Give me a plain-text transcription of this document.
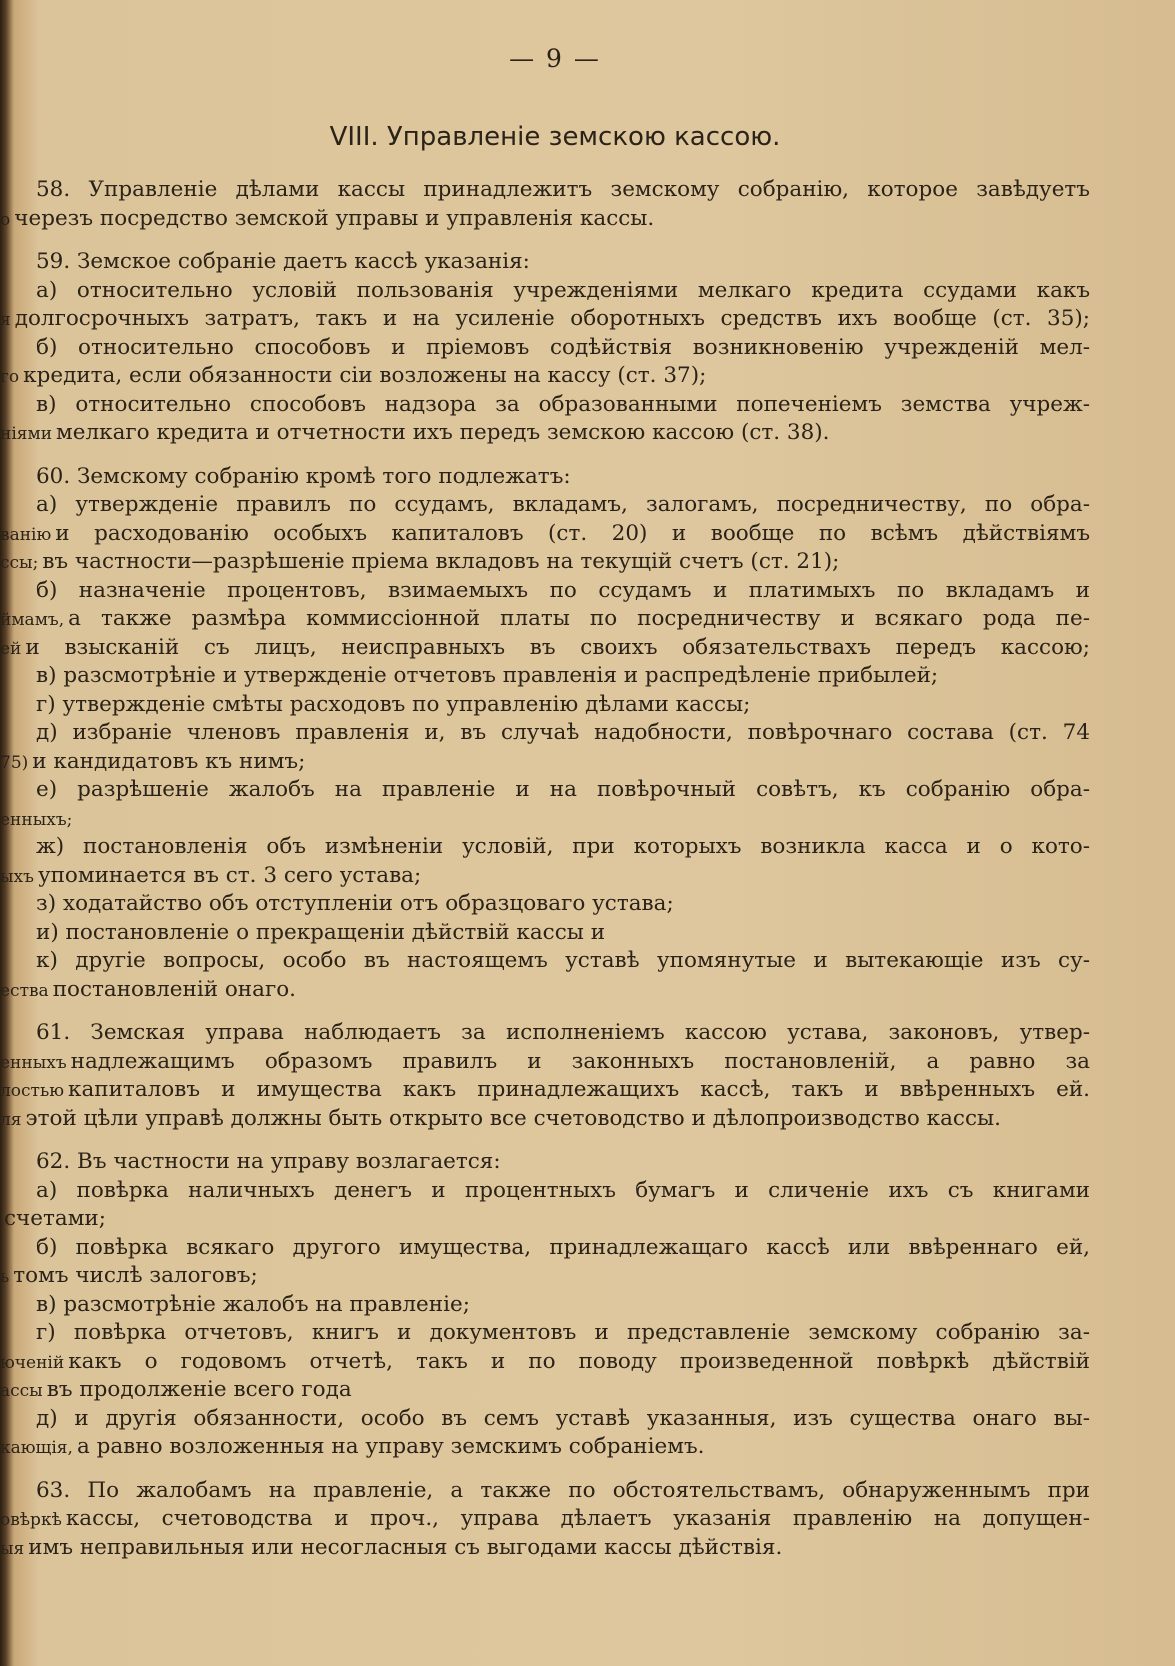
— 9 —
VIII. Управленіе земскою кассою.
58. Управленіе дѣлами кассы принадлежитъ земскому собранію, которое завѣдуетъ
о черезъ посредство земской управы и управленія кассы.
59. Земское собраніе даетъ кассѣ указанія:
а) относительно условій пользованія учрежденіями мелкаго кредита ссудами какъ
я долгосрочныхъ затратъ, такъ и на усиленіе оборотныхъ средствъ ихъ вообще (ст. 35);
б) относительно способовъ и пріемовъ содѣйствія возникновенію учрежденій мел-
го кредита, если обязанности сіи возложены на кассу (ст. 37);
в) относительно способовъ надзора за образованными попеченіемъ земства учреж-
ніями мелкаго кредита и отчетности ихъ передъ земскою кассою (ст. 38).
60. Земскому собранію кромѣ того подлежатъ:
а) утвержденіе правилъ по ссудамъ, вкладамъ, залогамъ, посредничеству, по обра-
ванію и расходованію особыхъ капиталовъ (ст. 20) и вообще по всѣмъ дѣйствіямъ
ссы; въ частности—разрѣшеніе пріема вкладовъ на текущій счетъ (ст. 21);
б) назначеніе процентовъ, взимаемыхъ по ссудамъ и платимыхъ по вкладамъ и
ймамъ, а также размѣра коммиссіонной платы по посредничеству и всякаго рода пе-
ей и взысканій съ лицъ, неисправныхъ въ своихъ обязательствахъ передъ кассою;
в) разсмотрѣніе и утвержденіе отчетовъ правленія и распредѣленіе прибылей;
г) утвержденіе смѣты расходовъ по управленію дѣлами кассы;
д) избраніе членовъ правленія и, въ случаѣ надобности, повѣрочнаго состава (ст. 74
75) и кандидатовъ къ нимъ;
е) разрѣшеніе жалобъ на правленіе и на повѣрочный совѣтъ, къ собранію обра-
енныхъ;
ж) постановленія объ измѣненіи условій, при которыхъ возникла касса и о кото-
ыхъ упоминается въ ст. 3 сего устава;
з) ходатайство объ отступленіи отъ образцоваго устава;
и) постановленіе о прекращеніи дѣйствій кассы и
к) другіе вопросы, особо въ настоящемъ уставѣ упомянутые и вытекающіе изъ су-
ества постановленій онаго.
61. Земская управа наблюдаетъ за исполненіемъ кассою устава, законовъ, утвер-
енныхъ надлежащимъ образомъ правилъ и законныхъ постановленій, а равно за
лостью капиталовъ и имущества какъ принадлежащихъ кассѣ, такъ и ввѣренныхъ ей.
ля этой цѣли управѣ должны быть открыто все счетоводство и дѣлопроизводство кассы.
62. Въ частности на управу возлагается:
а) повѣрка наличныхъ денегъ и процентныхъ бумагъ и сличеніе ихъ съ книгами
счетами;
б) повѣрка всякаго другого имущества, принадлежащаго кассѣ или ввѣреннаго ей,
ь томъ числѣ залоговъ;
в) разсмотрѣніе жалобъ на правленіе;
г) повѣрка отчетовъ, книгъ и документовъ и представленіе земскому собранію за-
юченій какъ о годовомъ отчетѣ, такъ и по поводу произведенной повѣркѣ дѣйствій
ассы въ продолженіе всего года
д) и другія обязанности, особо въ семъ уставѣ указанныя, изъ существа онаго вы-
кающія, а равно возложенныя на управу земскимъ собраніемъ.
63. По жалобамъ на правленіе, а также по обстоятельствамъ, обнаруженнымъ при
овѣркѣ кассы, счетоводства и проч., управа дѣлаетъ указанія правленію на допущен-
ыя имъ неправильныя или несогласныя съ выгодами кассы дѣйствія.
